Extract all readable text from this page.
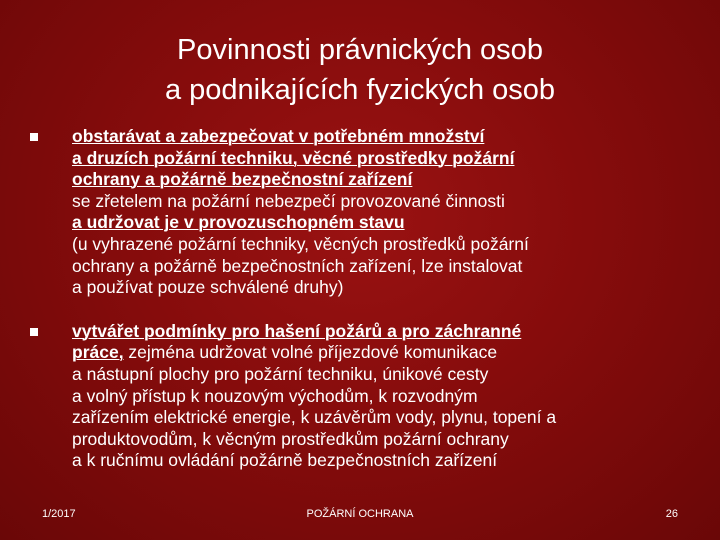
Povinnosti právnických osob
a podnikajících fyzických osob
obstarávat a zabezpečovat v potřebném množství
a druzích požární techniku, věcné prostředky požární
ochrany a požárně bezpečnostní zařízení
se zřetelem na požární nebezpečí provozované činnosti
a udržovat je v provozuschopném stavu
(u vyhrazené požární techniky, věcných prostředků požární
ochrany a požárně bezpečnostních zařízení, lze instalovat
a používat pouze schválené druhy)
vytvářet podmínky pro hašení požárů a pro záchranné
práce, zejména udržovat volné příjezdové komunikace
a nástupní plochy pro požární techniku, únikové cesty
a volný přístup k nouzovým východům, k rozvodným
zařízením elektrické energie, k uzávěrům vody, plynu, topení a
produktovodům, k věcným prostředkům požární ochrany
a k ručnímu ovládání požárně bezpečnostních zařízení
1/2017	POŽÁRNÍ OCHRANA	26
